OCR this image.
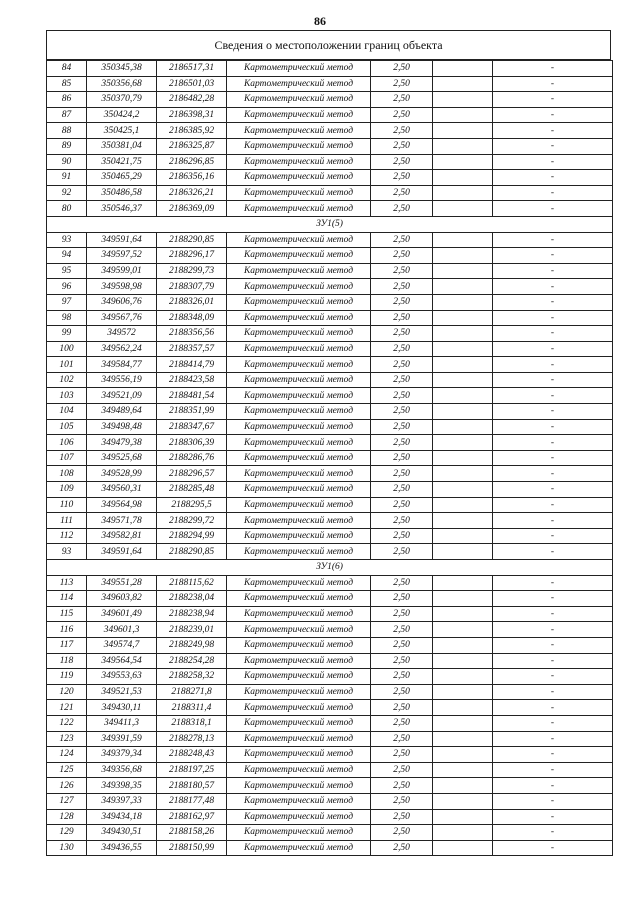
86
Сведения о местоположении границ объекта
84	350345,38	2186517,31	Картометрический метод	2,50		-
85	350356,68	2186501,03	Картометрический метод	2,50		-
86	350370,79	2186482,28	Картометрический метод	2,50		-
87	350424,2	2186398,31	Картометрический метод	2,50		-
88	350425,1	2186385,92	Картометрический метод	2,50		-
89	350381,04	2186325,87	Картометрический метод	2,50		-
90	350421,75	2186296,85	Картометрический метод	2,50		-
91	350465,29	2186356,16	Картометрический метод	2,50		-
92	350486,58	2186326,21	Картометрический метод	2,50		-
80	350546,37	2186369,09	Картометрический метод	2,50		-
ЗУ1(5)						
93	349591,64	2188290,85	Картометрический метод	2,50		-
94	349597,52	2188296,17	Картометрический метод	2,50		-
95	349599,01	2188299,73	Картометрический метод	2,50		-
96	349598,98	2188307,79	Картометрический метод	2,50		-
97	349606,76	2188326,01	Картометрический метод	2,50		-
98	349567,76	2188348,09	Картометрический метод	2,50		-
99	349572	2188356,56	Картометрический метод	2,50		-
100	349562,24	2188357,57	Картометрический метод	2,50		-
101	349584,77	2188414,79	Картометрический метод	2,50		-
102	349556,19	2188423,58	Картометрический метод	2,50		-
103	349521,09	2188481,54	Картометрический метод	2,50		-
104	349489,64	2188351,99	Картометрический метод	2,50		-
105	349498,48	2188347,67	Картометрический метод	2,50		-
106	349479,38	2188306,39	Картометрический метод	2,50		-
107	349525,68	2188286,76	Картометрический метод	2,50		-
108	349528,99	2188296,57	Картометрический метод	2,50		-
109	349560,31	2188285,48	Картометрический метод	2,50		-
110	349564,98	2188295,5	Картометрический метод	2,50		-
111	349571,78	2188299,72	Картометрический метод	2,50		-
112	349582,81	2188294,99	Картометрический метод	2,50		-
93	349591,64	2188290,85	Картометрический метод	2,50		-
ЗУ1(6)						
113	349551,28	2188115,62	Картометрический метод	2,50		-
114	349603,82	2188238,04	Картометрический метод	2,50		-
115	349601,49	2188238,94	Картометрический метод	2,50		-
116	349601,3	2188239,01	Картометрический метод	2,50		-
117	349574,7	2188249,98	Картометрический метод	2,50		-
118	349564,54	2188254,28	Картометрический метод	2,50		-
119	349553,63	2188258,32	Картометрический метод	2,50		-
120	349521,53	2188271,8	Картометрический метод	2,50		-
121	349430,11	2188311,4	Картометрический метод	2,50		-
122	349411,3	2188318,1	Картометрический метод	2,50		-
123	349391,59	2188278,13	Картометрический метод	2,50		-
124	349379,34	2188248,43	Картометрический метод	2,50		-
125	349356,68	2188197,25	Картометрический метод	2,50		-
126	349398,35	2188180,57	Картометрический метод	2,50		-
127	349397,33	2188177,48	Картометрический метод	2,50		-
128	349434,18	2188162,97	Картометрический метод	2,50		-
129	349430,51	2188158,26	Картометрический метод	2,50		-
130	349436,55	2188150,99	Картометрический метод	2,50		-
